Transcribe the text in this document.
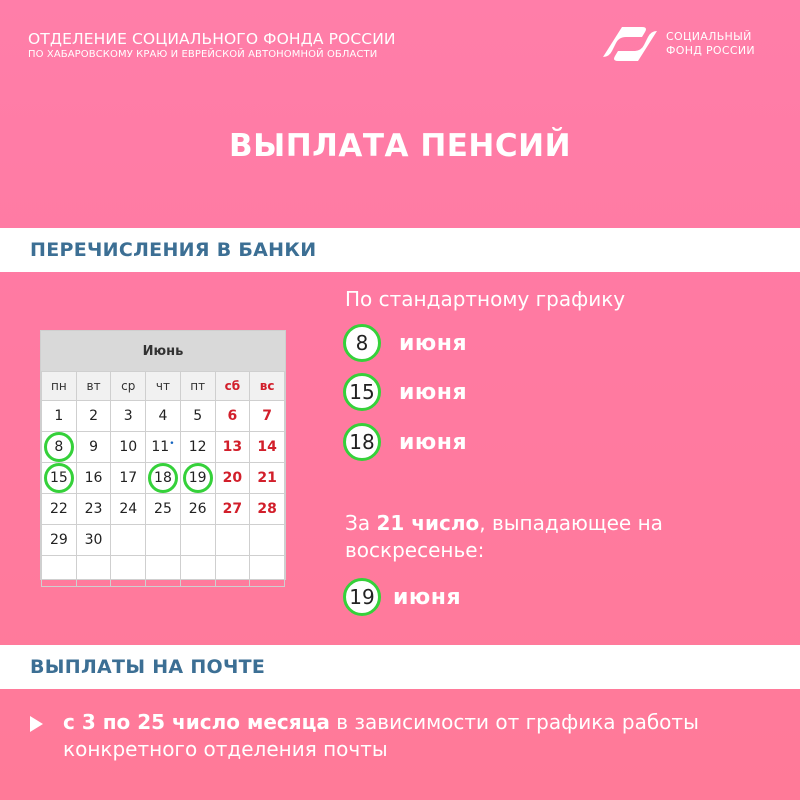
ОТДЕЛЕНИЕ СОЦИАЛЬНОГО ФОНДА РОССИИ
ПО ХАБАРОВСКОМУ КРАЮ И ЕВРЕЙСКОЙ АВТОНОМНОЙ ОБЛАСТИ
СОЦИАЛЬНЫЙ
ФОНД РОССИИ
ВЫПЛАТА ПЕНСИЙ
ПЕРЕЧИСЛЕНИЯ В БАНКИ
Июнь
пн	вт	ср	чт	пт	сб	вс
1	2	3	4	5	6	7
8	9	10	11•	12	13	14
15	16	17	18	19	20	21
22	23	24	25	26	27	28
29	30					

По стандартному графику
8	июня
15 июня
18 июня
За 21 число, выпадающее на воскресенье:
19 июня
ВЫПЛАТЫ НА ПОЧТЕ
с 3 по 25 число месяца в зависимости от графика работы конкретного отделения почты
